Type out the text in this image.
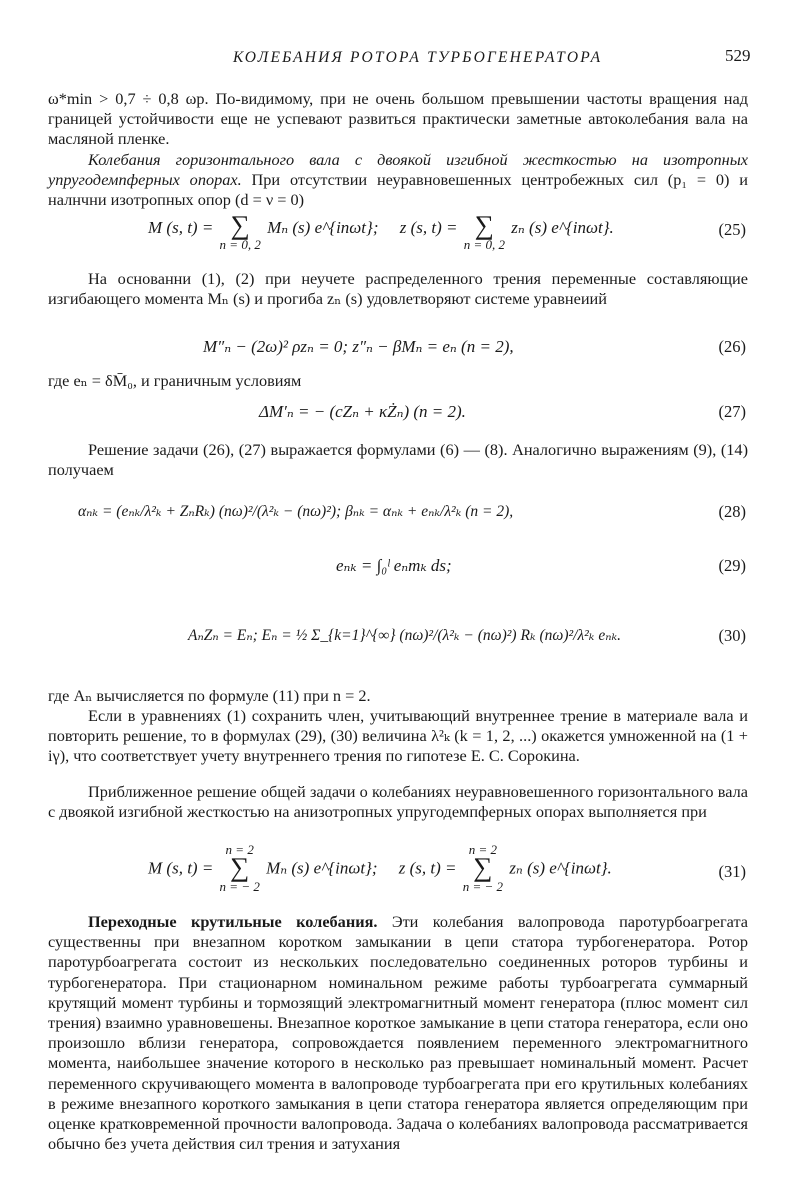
КОЛЕБАНИЯ РОТОРА ТУРБОГЕНЕРАТОРА	529

ω*min > 0,7 ÷ 0,8 ωp. По-видимому, при не очень большом превышении частоты вращения над границей устойчивости еще не успевают развиться практически заметные автоколебания вала на масляной пленке.

Колебания горизонтального вала с двоякой изгибной жесткостью на изотропных упругодемпферных опорах. При отсутствии неуравновешенных центробежных сил (p₁ = 0) и налнчни изотропных опор (d = ν = 0)

M (s, t) = ∑
n = 0, 2
Mₙ (s) e^{inωt}; z (s, t) = ∑
n = 0, 2
zₙ (s) e^{inωt}.	(25)

На основанни (1), (2) при неучете распределенного трения переменные составляющие изгибающего момента Mₙ (s) и прогиба zₙ (s) удовлетворяют системе уравнеиий

M″ₙ − (2ω)² ρzₙ = 0; z″ₙ − βMₙ = eₙ (n = 2),	(26)

где eₙ = δM̄₀, и граничным условиям

ΔM′ₙ = − (cZₙ + κŻₙ) (n = 2).	(27)

Решение задачи (26), (27) выражается формулами (6) — (8). Аналогично выражениям (9), (14) получаем

αₙₖ = (eₙₖ/λ²ₖ + ZₙRₖ) (nω)²/(λ²ₖ − (nω)²); βₙₖ = αₙₖ + eₙₖ/λ²ₖ (n = 2),	(28)
eₙₖ = ∫₀ˡ eₙmₖ ds;	(29)
AₙZₙ = Eₙ; Eₙ = ½ Σ_{k=1}^{∞} (nω)²/(λ²ₖ − (nω)²) Rₖ (nω)²/λ²ₖ eₙₖ.	(30)

где Aₙ вычисляется по формуле (11) при n = 2.

Если в уравнениях (1) сохранить член, учитывающий внутреннее трение в материале вала и повторить решение, то в формулах (29), (30) величина λ²ₖ (k = 1, 2, ...) окажется умноженной на (1 + iγ), что соответствует учету внутреннего трения по гипотезе Е. С. Сорокина.

Приближенное решение общей задачи о колебаниях неуравновешенного горизонтального вала с двоякой изгибной жесткостью на анизотропных упругодемпферных опорах выполняется при

M (s, t) =
n = 2
∑
n = − 2
Mₙ (s) e^{inωt}; z (s, t) =
n = 2
∑
n = − 2
zₙ (s) e^{inωt}.	(31)

Переходные крутильные колебания. Эти колебания валопровода паротурбоагрегата существенны при внезапном коротком замыкании в цепи статора турбогенератора. Ротор паротурбоагрегата состоит из нескольких последовательно соединенных роторов турбины и турбогенератора. При стационарном номинальном режиме работы турбоагрегата суммарный крутящий момент турбины и тормозящий электромагнитный момент генератора (плюс момент сил трения) взаимно уравновешены. Внезапное короткое замыкание в цепи статора генератора, если оно произошло вблизи генератора, сопровождается появлением переменного электромагнитного момента, наибольшее значение которого в несколько раз превышает номинальный момент. Расчет переменного скручивающего момента в валопроводе турбоагрегата при его крутильных колебаниях в режиме внезапного короткого замыкания в цепи статора генератора является определяющим при оценке кратковременной прочности валопровода. Задача о колебаниях валопровода рассматривается обычно без учета действия сил трения и затухания
